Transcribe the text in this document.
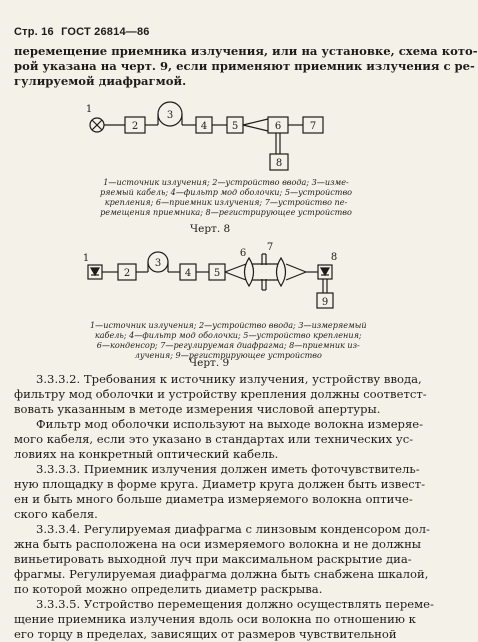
Стр. 16 ГОСТ 26814—86

перемещение приемника излучения, или на установке, схема кото-
рой указана на черт. 9, если применяют приемник излучения с ре-
гулируемой диафрагмой.

1
2
3
4 5	6	7
8
1—источник излучения; 2—устройство ввода; 3—изме-
ряемый кабель; 4—фильтр мод оболочки; 5—устройство
крепления; 6—приемник излучения; 7—устройство пе-
ремещения приемника; 8—регистрирующее устройство
Черт. 8
1
2
3
4 5
6
7
8
9
1—источник излучения; 2—устройство ввода; 3—измеряемый
кабель; 4—фильтр мод оболочки; 5—устройство крепления;
6—конденсор; 7—регулируемая диафрагма; 8—приемник из-
лучения; 9—регистрирующее устройство
Черт. 9
3.3.3.2. Требования к источнику излучения, устройству ввода,
фильтру мод оболочки и устройству крепления должны соответст-
вовать указанным в методе измерения числовой апертуры.
Фильтр мод оболочки используют на выходе волокна измеряе-
мого кабеля, если это указано в стандартах или технических ус-
ловиях на конкретный оптический кабель.
3.3.3.3. Приемник излучения должен иметь фоточувствитель-
ную площадку в форме круга. Диаметр круга должен быть извест-
ен и быть много больше диаметра измеряемого волокна оптиче-
ского кабеля.
3.3.3.4. Регулируемая диафрагма с линзовым конденсором дол-
жна быть расположена на оси измеряемого волокна и не должны
виньетировать выходной луч при максимальном раскрытие диа-
фрагмы. Регулируемая диафрагма должна быть снабжена шкалой,
по которой можно определить диаметр раскрыва.
3.3.3.5. Устройство перемещения должно осуществлять переме-
щение приемника излучения вдоль оси волокна по отношению к
его торцу в пределах, зависящих от размеров чувствительной
